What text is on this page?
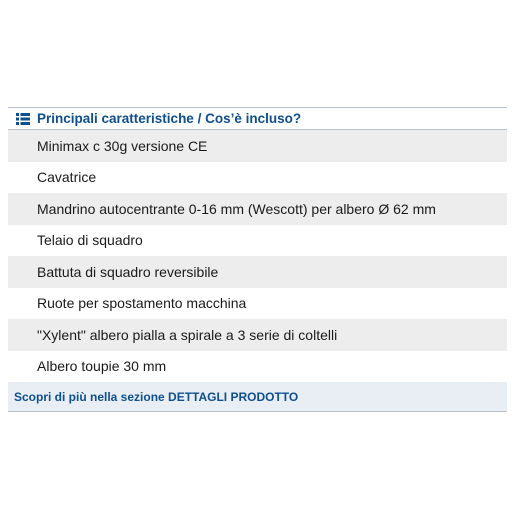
Principali caratteristiche / Cos’è incluso?
Minimax c 30g versione CE
Cavatrice
Mandrino autocentrante 0-16 mm (Wescott) per albero Ø 62 mm
Telaio di squadro
Battuta di squadro reversibile
Ruote per spostamento macchina
"Xylent" albero pialla a spirale a 3 serie di coltelli
Albero toupie 30 mm
Scopri di più nella sezione DETTAGLI PRODOTTO
